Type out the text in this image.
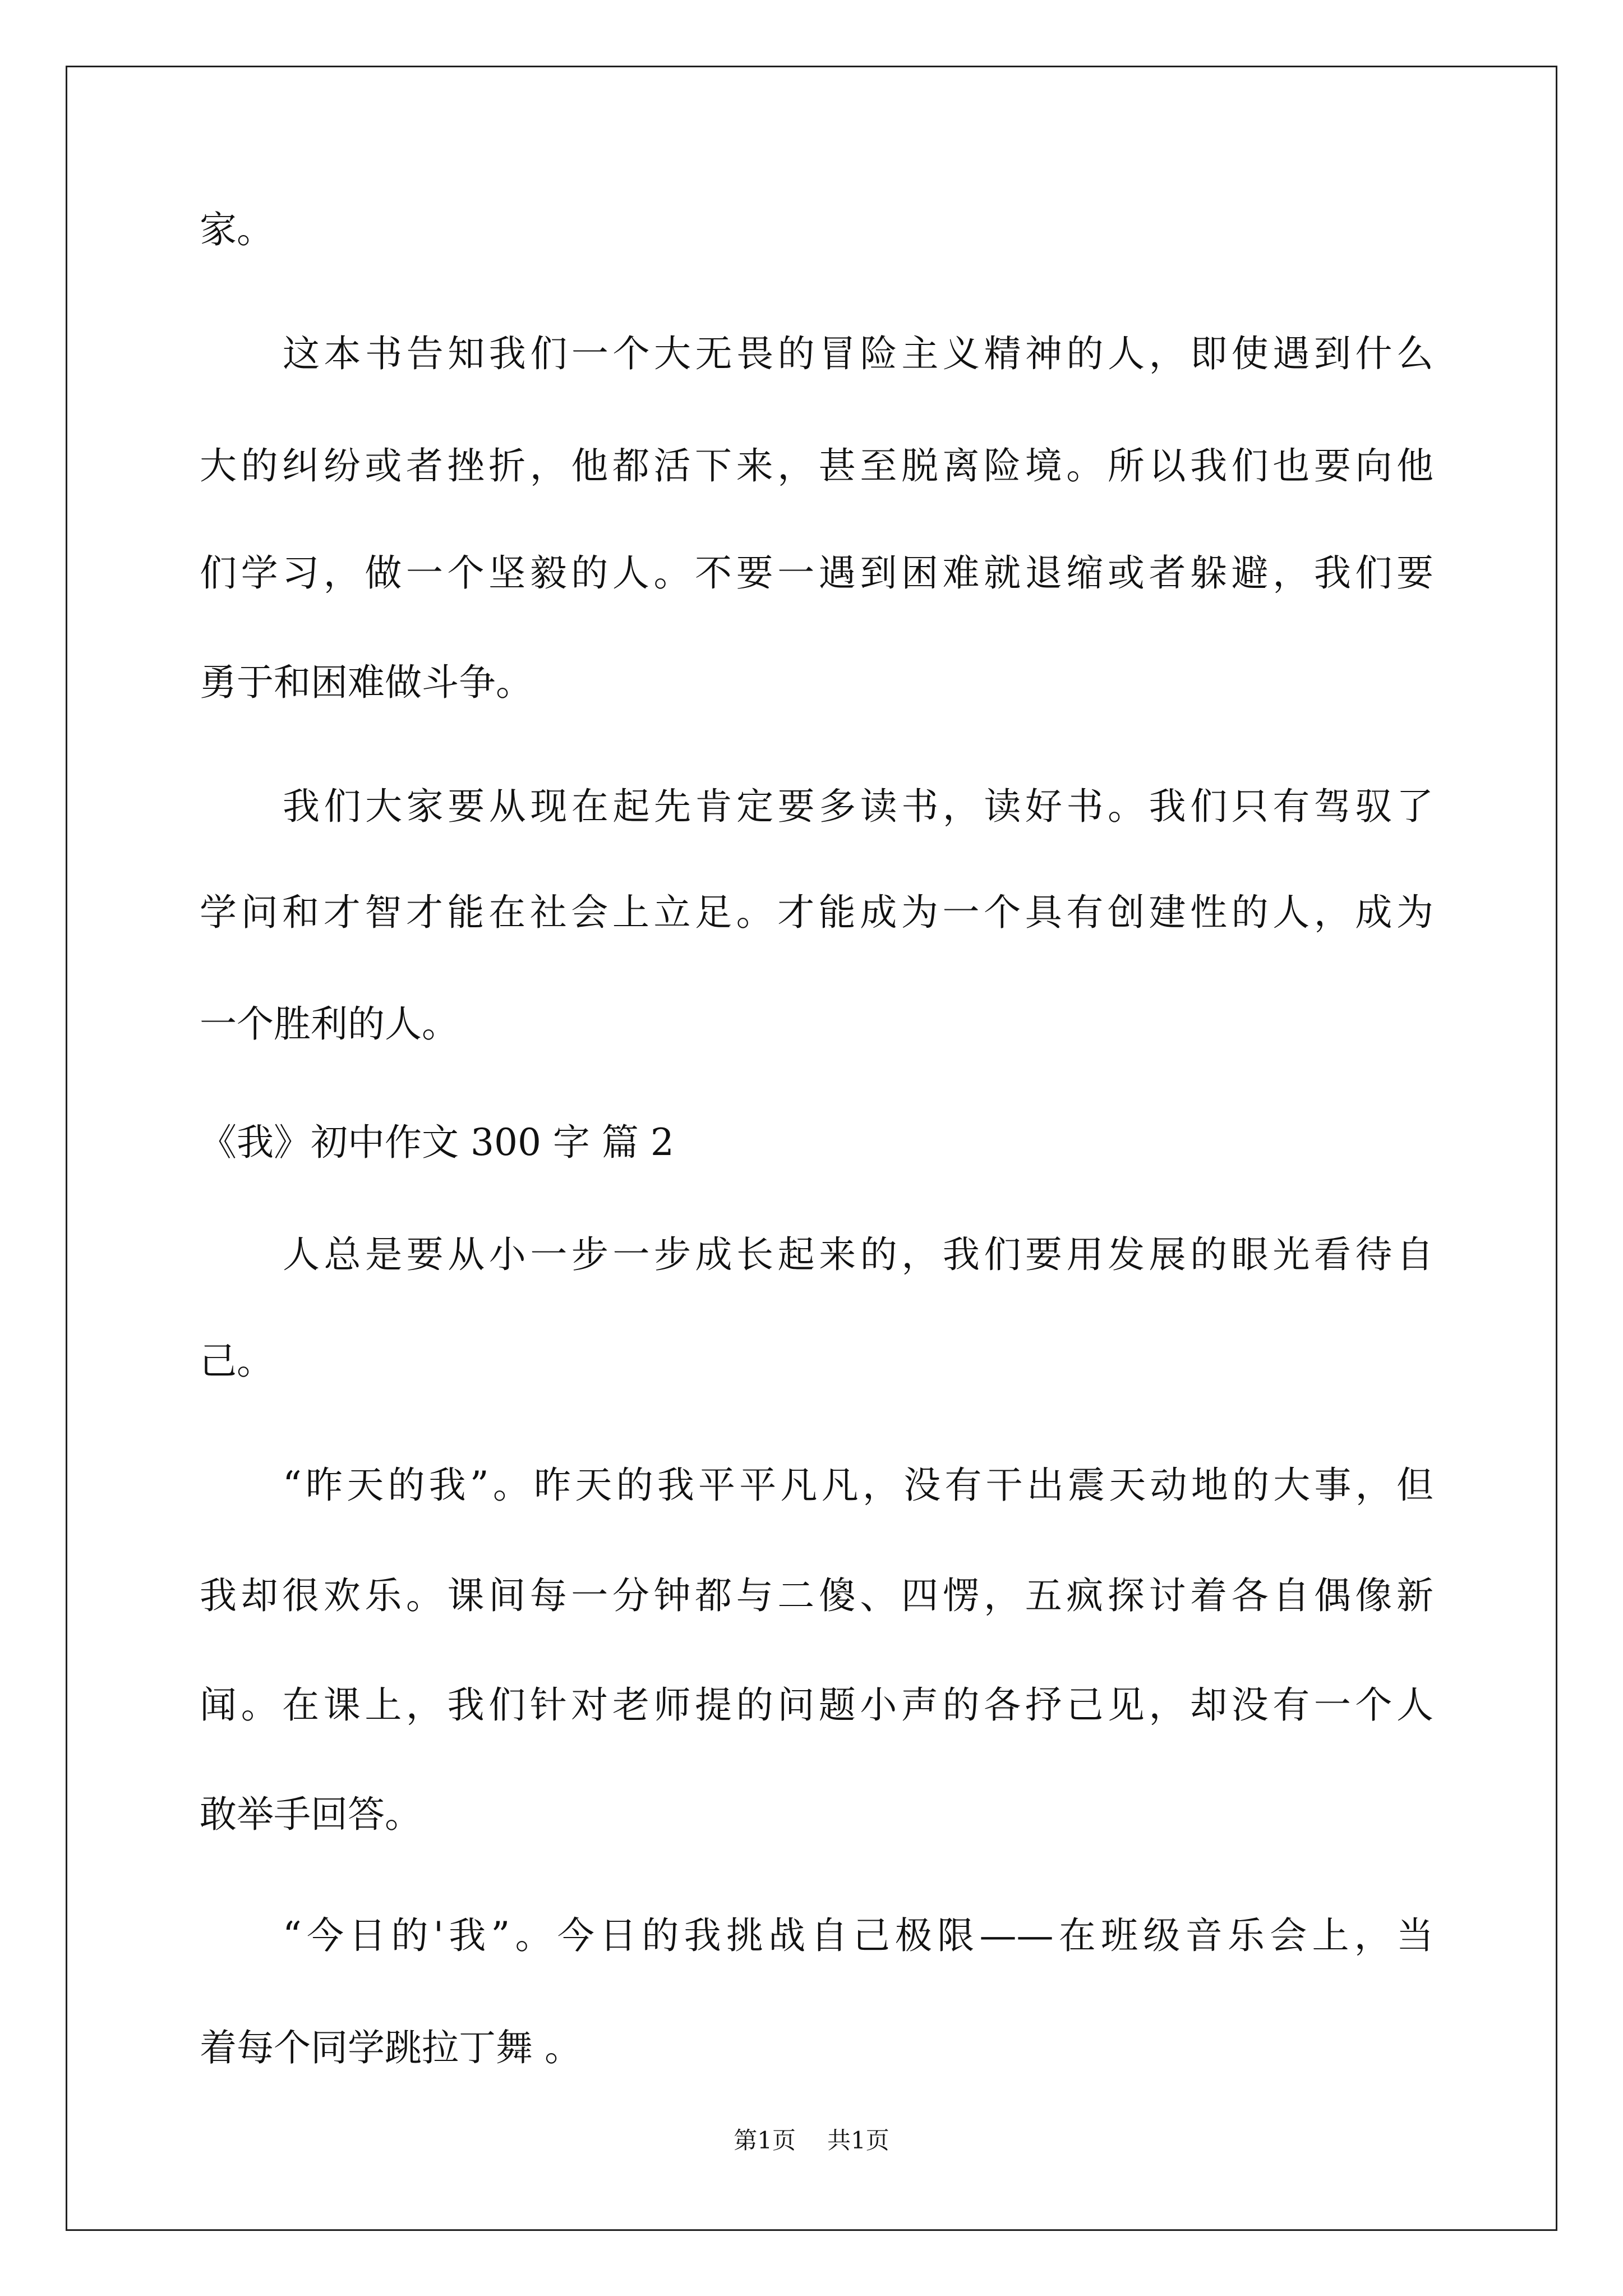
家。
这本书告知我们一个大无畏的冒险主义精神的人，即使遇到什么
大的纠纷或者挫折，他都活下来，甚至脱离险境。所以我们也要向他
们学习，做一个坚毅的人。不要一遇到困难就退缩或者躲避，我们要
勇于和困难做斗争。
我们大家要从现在起先肯定要多读书，读好书。我们只有驾驭了
学问和才智才能在社会上立足。才能成为一个具有创建性的人，成为
一个胜利的人。
《我》初中作文 300 字 篇 2
人总是要从小一步一步成长起来的，我们要用发展的眼光看待自
己。
“昨天的我”。昨天的我平平凡凡，没有干出震天动地的大事，但
我却很欢乐。课间每一分钟都与二傻、四愣，五疯探讨着各自偶像新
闻。在课上，我们针对老师提的问题小声的各抒己见，却没有一个人
敢举手回答。
“今日的'我”。今日的我挑战自己极限——在班级音乐会上，当
着每个同学跳拉丁舞 。
第1页 共1页
